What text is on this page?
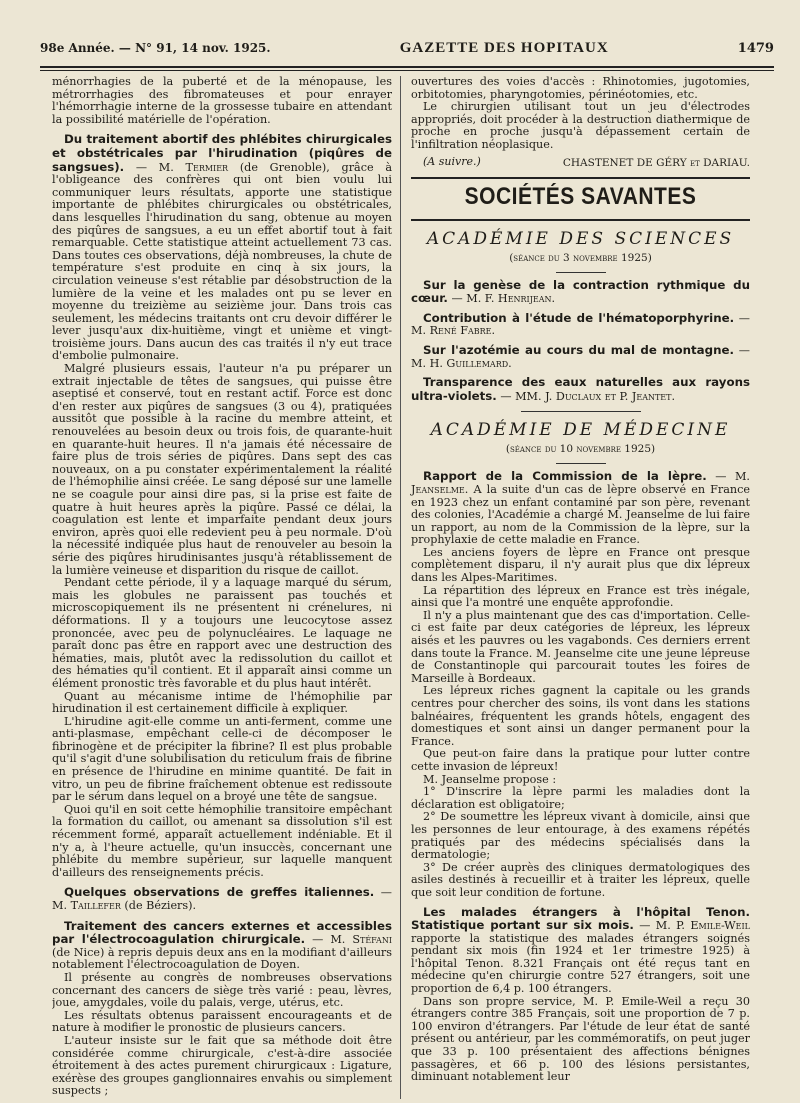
98e Année. — N° 91, 14 nov. 1925.	GAZETTE DES HOPITAUX	1479

ménorrhagies de la puberté et de la ménopause, les métrorrhagies des fibromateuses et pour enrayer l'hémorrhagie interne de la grossesse tubaire en attendant la possibilité matérielle de l'opération.

Du traitement abortif des phlébites chirurgicales et obstétricales par l'hirudination (piqûres de sangsues). — M. Termier (de Grenoble), grâce à l'obligeance des confrères qui ont bien voulu lui communiquer leurs résultats, apporte une statistique importante de phlébites chirurgicales ou obstétricales, dans lesquelles l'hirudination du sang, obtenue au moyen des piqûres de sangsues, a eu un effet abortif tout à fait remarquable. Cette statistique atteint actuellement 73 cas. Dans toutes ces observations, déjà nombreuses, la chute de température s'est produite en cinq à six jours, la circulation veineuse s'est rétablie par désobstruction de la lumière de la veine et les malades ont pu se lever en moyenne du treizième au seizième jour. Dans trois cas seulement, les médecins traitants ont cru devoir différer le lever jusqu'aux dix-huitième, vingt et unième et vingt-troisième jours. Dans aucun des cas traités il n'y eut trace d'embolie pulmonaire.

Malgré plusieurs essais, l'auteur n'a pu préparer un extrait injectable de têtes de sangsues, qui puisse être aseptisé et conservé, tout en restant actif. Force est donc d'en rester aux piqûres de sangsues (3 ou 4), pratiquées aussitôt que possible à la racine du membre atteint, et renouvelées au besoin deux ou trois fois, de quarante-huit en quarante-huit heures. Il n'a jamais été nécessaire de faire plus de trois séries de piqûres. Dans sept des cas nouveaux, on a pu constater expérimentalement la réalité de l'hémophilie ainsi créée. Le sang déposé sur une lamelle ne se coagule pour ainsi dire pas, si la prise est faite de quatre à huit heures après la piqûre. Passé ce délai, la coagulation est lente et imparfaite pendant deux jours environ, après quoi elle redevient peu à peu normale. D'où la nécessité indiquée plus haut de renouveler au besoin la série des piqûres hirudinisantes jusqu'à rétablissement de la lumière veineuse et disparition du risque de caillot.

Pendant cette période, il y a laquage marqué du sérum, mais les globules ne paraissent pas touchés et microscopiquement ils ne présentent ni crénelures, ni déformations. Il y a toujours une leucocytose assez prononcée, avec peu de polynucléaires. Le laquage ne paraît donc pas être en rapport avec une destruction des hématies, mais, plutôt avec la redissolution du caillot et des hématies qu'il contient. Et il apparaît ainsi comme un élément pronostic très favorable et du plus haut intérêt.

Quant au mécanisme intime de l'hémophilie par hirudination il est certainement difficile à expliquer.

L'hirudine agit-elle comme un anti-ferment, comme une anti-plasmase, empêchant celle-ci de décomposer le fibrinogène et de précipiter la fibrine? Il est plus probable qu'il s'agit d'une solubilisation du reticulum frais de fibrine en présence de l'hirudine en minime quantité. De fait in vitro, un peu de fibrine fraîchement obtenue est redissoute par le sérum dans lequel on a broyé une tête de sangsue.

Quoi qu'il en soit cette hémophilie transitoire empêchant la formation du caillot, ou amenant sa dissolution s'il est récemment formé, apparaît actuellement indéniable. Et il n'y a, à l'heure actuelle, qu'un insuccès, concernant une phlébite du membre supérieur, sur laquelle manquent d'ailleurs des renseignements précis.

Quelques observations de greffes italiennes. — M. Taillefer (de Béziers).

Traitement des cancers externes et accessibles par l'électrocoagulation chirurgicale. — M. Stéfani (de Nice) à repris depuis deux ans en la modifiant d'ailleurs notablement l'électrocoagulation de Doyen.

Il présente au congrès de nombreuses observations concernant des cancers de siège très varié : peau, lèvres, joue, amygdales, voile du palais, verge, utérus, etc.

Les résultats obtenus paraissent encourageants et de nature à modifier le pronostic de plusieurs cancers.

L'auteur insiste sur le fait que sa méthode doit être considérée comme chirurgicale, c'est-à-dire associée étroitement à des actes purement chirurgicaux : Ligature, exérèse des groupes ganglionnaires envahis ou simplement suspects ;

ouvertures des voies d'accès : Rhinotomies, jugotomies, orbitotomies, pharyngotomies, périnéotomies, etc.

Le chirurgien utilisant tout un jeu d'électrodes appropriés, doit procéder à la destruction diathermique de proche en proche jusqu'à dépassement certain de l'infiltration néoplasique.

(A suivre.)	CHASTENET DE GÉRY et DARIAU.
SOCIÉTÉS SAVANTES
ACADÉMIE DES SCIENCES
(séance du 3 novembre 1925)

Sur la genèse de la contraction rythmique du cœur. — M. F. Henrijean.

Contribution à l'étude de l'hématoporphyrine. — M. René Fabre.

Sur l'azotémie au cours du mal de montagne. — M. H. Guillemard.

Transparence des eaux naturelles aux rayons ultra-violets. — MM. J. Duclaux et P. Jeantet.

ACADÉMIE DE MÉDECINE
(séance du 10 novembre 1925)

Rapport de la Commission de la lèpre. — M. Jeanselme. A la suite d'un cas de lèpre observé en France en 1923 chez un enfant contaminé par son père, revenant des colonies, l'Académie a chargé M. Jeanselme de lui faire un rapport, au nom de la Commission de la lèpre, sur la prophylaxie de cette maladie en France.

Les anciens foyers de lèpre en France ont presque complètement disparu, il n'y aurait plus que dix lépreux dans les Alpes-Maritimes.

La répartition des lépreux en France est très inégale, ainsi que l'a montré une enquête approfondie.

Il n'y a plus maintenant que des cas d'importation. Celle-ci est faite par deux catégories de lépreux, les lépreux aisés et les pauvres ou les vagabonds. Ces derniers errent dans toute la France. M. Jeanselme cite une jeune lépreuse de Constantinople qui parcourait toutes les foires de Marseille à Bordeaux.

Les lépreux riches gagnent la capitale ou les grands centres pour chercher des soins, ils vont dans les stations balnéaires, fréquentent les grands hôtels, engagent des domestiques et sont ainsi un danger permanent pour la France.

Que peut-on faire dans la pratique pour lutter contre cette invasion de lépreux!

M. Jeanselme propose :

1° D'inscrire la lèpre parmi les maladies dont la déclaration est obligatoire;

2° De soumettre les lépreux vivant à domicile, ainsi que les personnes de leur entourage, à des examens répétés pratiqués par des médecins spécialisés dans la dermatologie;

3° De créer auprès des cliniques dermatologiques des asiles destinés à recueillir et à traiter les lépreux, quelle que soit leur condition de fortune.

Les malades étrangers à l'hôpital Tenon. Statistique portant sur six mois. — M. P. Emile-Weil rapporte la statistique des malades étrangers soignés pendant six mois (fin 1924 et 1er trimestre 1925) à l'hôpital Tenon. 8.321 Français ont été reçus tant en médecine qu'en chirurgie contre 527 étrangers, soit une proportion de 6,4 p. 100 étrangers.

Dans son propre service, M. P. Emile-Weil a reçu 30 étrangers contre 385 Français, soit une proportion de 7 p. 100 environ d'étrangers. Par l'étude de leur état de santé présent ou antérieur, par les commémoratifs, on peut juger que 33 p. 100 présentaient des affections bénignes passagères, et 66 p. 100 des lésions persistantes, diminuant notablement leur
